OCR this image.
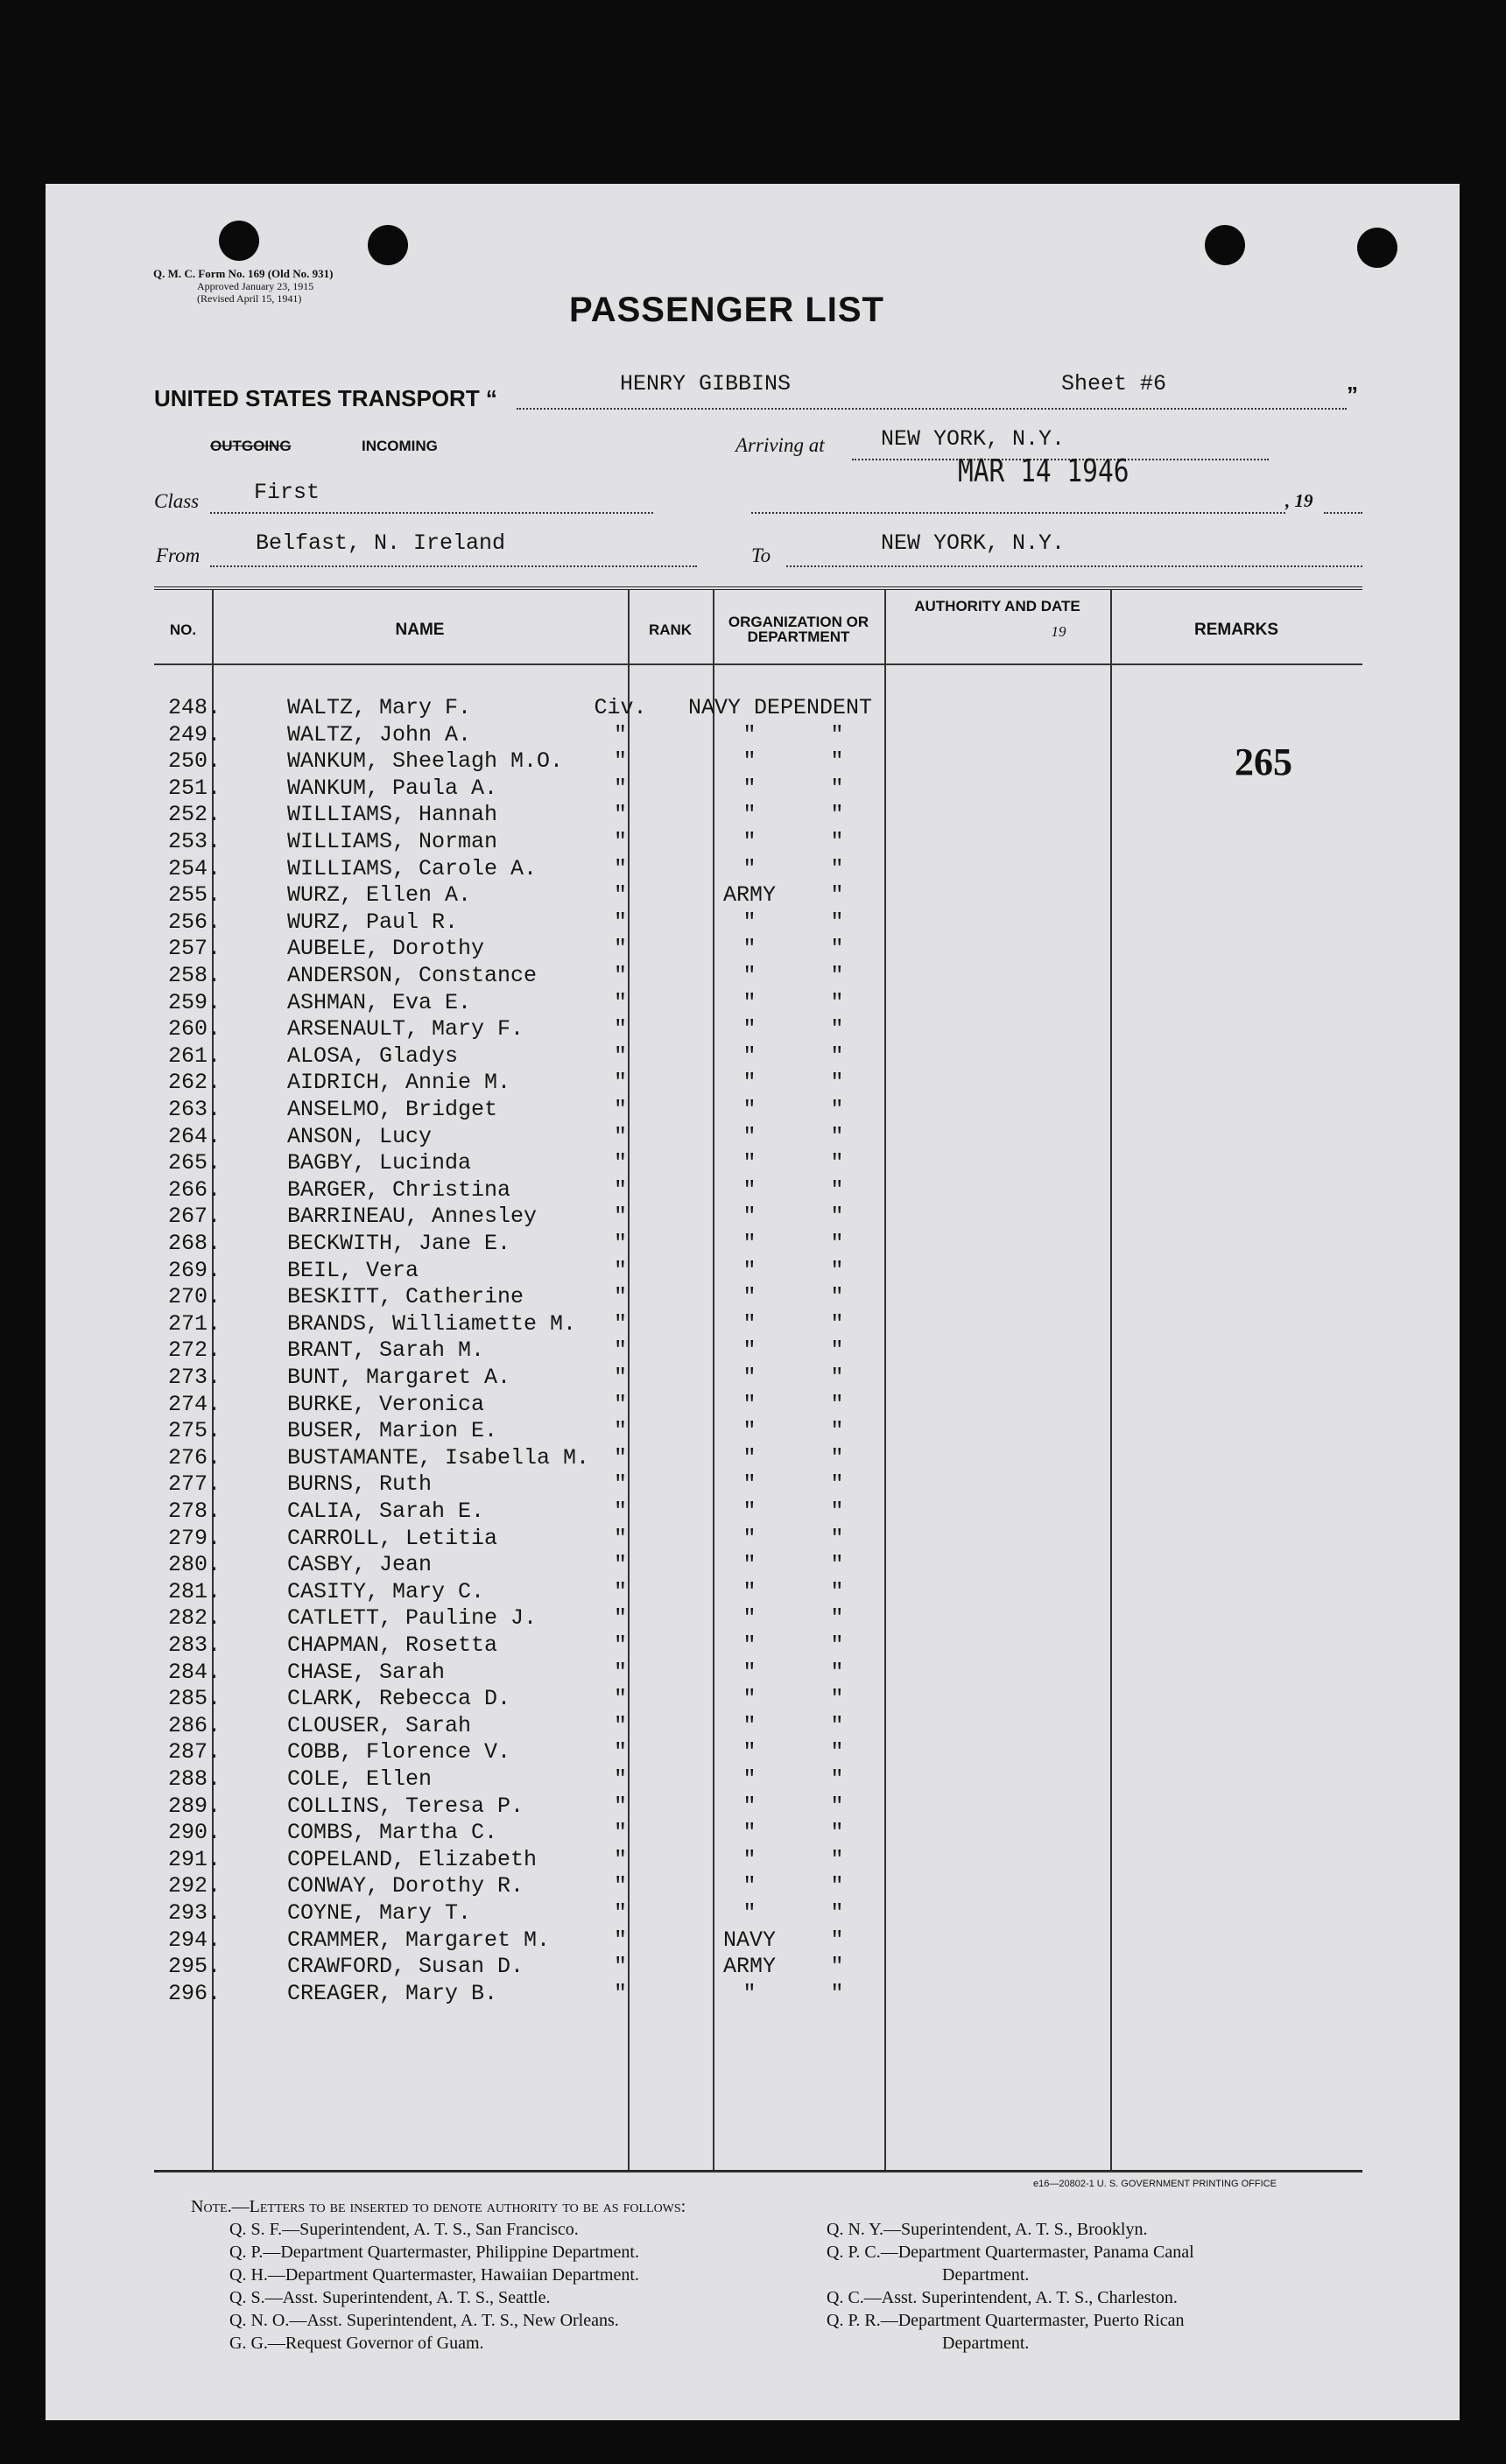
Q. M. C. Form No. 169 (Old No. 931)
Approved January 23, 1915
(Revised April 15, 1941)	PASSENGER LIST
UNITED STATES TRANSPORT “
HENRY GIBBINS	Sheet #6	”
OUTGOING	INCOMING	Arriving at	NEW YORK, N.Y.
Class	First
MAR 14 1946
, 19
From	Belfast, N. Ireland	To	NEW YORK, N.Y.
NO.	NAME	RANK	ORGANIZATION OR DEPARTMENT
AUTHORITY AND DATE
19	REMARKS
248.	WALTZ, Mary F.	Civ.	NAVY DEPENDENT
249.	WALTZ, John A.	"	"	"
250.	WANKUM, Sheelagh M.O.	"	"	"
251.	WANKUM, Paula A.	"	"	"
252.	WILLIAMS, Hannah	"	"	"
253.	WILLIAMS, Norman	"	"	"
254.	WILLIAMS, Carole A.	"	"	"
255.	WURZ, Ellen A.	"	ARMY	"
256.	WURZ, Paul R.	"	"	"
257.	AUBELE, Dorothy	"	"	"
258.	ANDERSON, Constance	"	"	"
259.	ASHMAN, Eva E.	"	"	"
260.	ARSENAULT, Mary F.	"	"	"
261.	ALOSA, Gladys	"	"	"
262.	AIDRICH, Annie M.	"	"	"
263.	ANSELMO, Bridget	"	"	"
264.	ANSON, Lucy	"	"	"
265.	BAGBY, Lucinda	"	"	"
266.	BARGER, Christina	"	"	"
267.	BARRINEAU, Annesley	"	"	"
268.	BECKWITH, Jane E.	"	"	"
269.	BEIL, Vera	"	"	"
270.	BESKITT, Catherine	"	"	"
271.	BRANDS, Williamette M.	"	"	"
272.	BRANT, Sarah M.	"	"	"
273.	BUNT, Margaret A.	"	"	"
274.	BURKE, Veronica	"	"	"
275.	BUSER, Marion E.	"	"	"
276.	BUSTAMANTE, Isabella M.	"	"	"
277.	BURNS, Ruth	"	"	"
278.	CALIA, Sarah E.	"	"	"
279.	CARROLL, Letitia	"	"	"
280.	CASBY, Jean	"	"	"
281.	CASITY, Mary C.	"	"	"
282.	CATLETT, Pauline J.	"	"	"
283.	CHAPMAN, Rosetta	"	"	"
284.	CHASE, Sarah	"	"	"
285.	CLARK, Rebecca D.	"	"	"
286.	CLOUSER, Sarah	"	"	"
287.	COBB, Florence V.	"	"	"
288.	COLE, Ellen	"	"	"
289.	COLLINS, Teresa P.	"	"	"
290.	COMBS, Martha C.	"	"	"
291.	COPELAND, Elizabeth	"	"	"
292.	CONWAY, Dorothy R.	"	"	"
293.	COYNE, Mary T.	"	"	"
294.	CRAMMER, Margaret M.	"	NAVY	"
295.	CRAWFORD, Susan D.	"	ARMY	"
296.	CREAGER, Mary B.	"	"	"
265
e16—20802-1 U. S. GOVERNMENT PRINTING OFFICE
Note.—Letters to be inserted to denote authority to be as follows:
Q. S. F.—Superintendent, A. T. S., San Francisco.
Q. P.—Department Quartermaster, Philippine Department.
Q. H.—Department Quartermaster, Hawaiian Department.
Q. S.—Asst. Superintendent, A. T. S., Seattle.
Q. N. O.—Asst. Superintendent, A. T. S., New Orleans.
G. G.—Request Governor of Guam.
Q. N. Y.—Superintendent, A. T. S., Brooklyn.
Q. P. C.—Department Quartermaster, Panama Canal
Department.
Q. C.—Asst. Superintendent, A. T. S., Charleston.
Q. P. R.—Department Quartermaster, Puerto Rican
Department.
